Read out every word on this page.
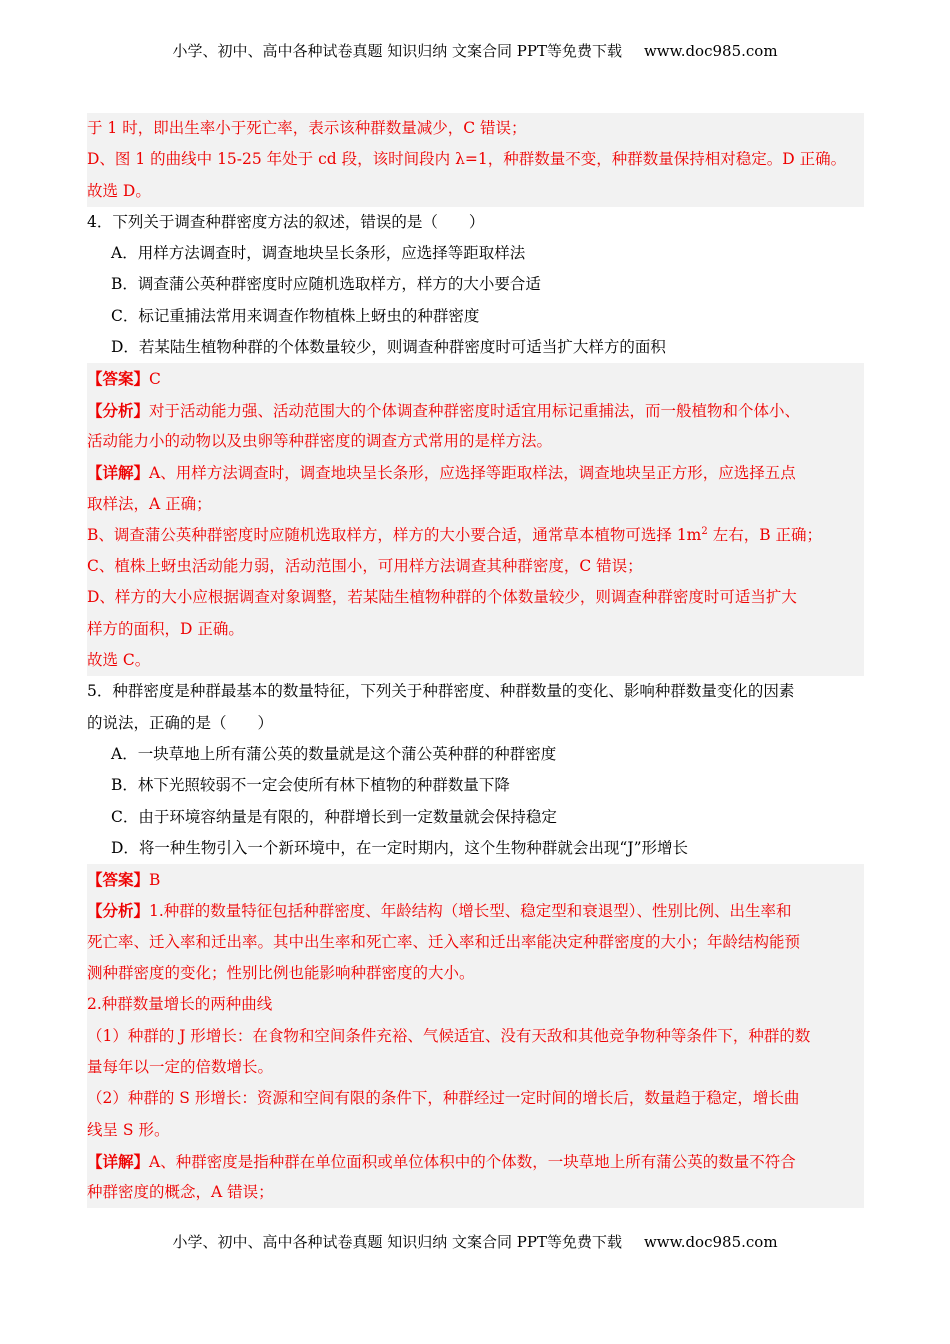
小学、初中、高中各种试卷真题 知识归纳 文案合同 PPT等免费下载 www.doc985.com
于 1 时，即出生率小于死亡率，表示该种群数量减少，C 错误；
D、图 1 的曲线中 15-25 年处于 cd 段，该时间段内 λ=1，种群数量不变，种群数量保持相对稳定。D 正确。
故选 D。
4．下列关于调查种群密度方法的叙述，错误的是（　　）
A．用样方法调查时，调查地块呈长条形，应选择等距取样法
B．调查蒲公英种群密度时应随机选取样方，样方的大小要合适
C．标记重捕法常用来调查作物植株上蚜虫的种群密度
D．若某陆生植物种群的个体数量较少，则调查种群密度时可适当扩大样方的面积
【答案】C
【分析】对于活动能力强、活动范围大的个体调查种群密度时适宜用标记重捕法，而一般植物和个体小、
活动能力小的动物以及虫卵等种群密度的调查方式常用的是样方法。
【详解】A、用样方法调查时，调查地块呈长条形，应选择等距取样法，调查地块呈正方形，应选择五点
取样法，A 正确；
B、调查蒲公英种群密度时应随机选取样方，样方的大小要合适，通常草本植物可选择 $1m^2$ 左右，B 正确；
C、植株上蚜虫活动能力弱，活动范围小，可用样方法调查其种群密度，C 错误；
D、样方的大小应根据调查对象调整，若某陆生植物种群的个体数量较少，则调查种群密度时可适当扩大
样方的面积，D 正确。
故选 C。
5．种群密度是种群最基本的数量特征，下列关于种群密度、种群数量的变化、影响种群数量变化的因素
的说法，正确的是（　　）
A．一块草地上所有蒲公英的数量就是这个蒲公英种群的种群密度
B．林下光照较弱不一定会使所有林下植物的种群数量下降
C．由于环境容纳量是有限的，种群增长到一定数量就会保持稳定
D．将一种生物引入一个新环境中，在一定时期内，这个生物种群就会出现“J”形增长
【答案】B
【分析】1.种群的数量特征包括种群密度、年龄结构（增长型、稳定型和衰退型）、性别比例、出生率和
死亡率、迁入率和迁出率。其中出生率和死亡率、迁入率和迁出率能决定种群密度的大小；年龄结构能预
测种群密度的变化；性别比例也能影响种群密度的大小。
2.种群数量增长的两种曲线
（1）种群的 J 形增长：在食物和空间条件充裕、气候适宜、没有天敌和其他竞争物种等条件下，种群的数
量每年以一定的倍数增长。
（2）种群的 S 形增长：资源和空间有限的条件下，种群经过一定时间的增长后，数量趋于稳定，增长曲
线呈 S 形。
【详解】A、种群密度是指种群在单位面积或单位体积中的个体数，一块草地上所有蒲公英的数量不符合
种群密度的概念，A 错误；
小学、初中、高中各种试卷真题 知识归纳 文案合同 PPT等免费下载 www.doc985.com
